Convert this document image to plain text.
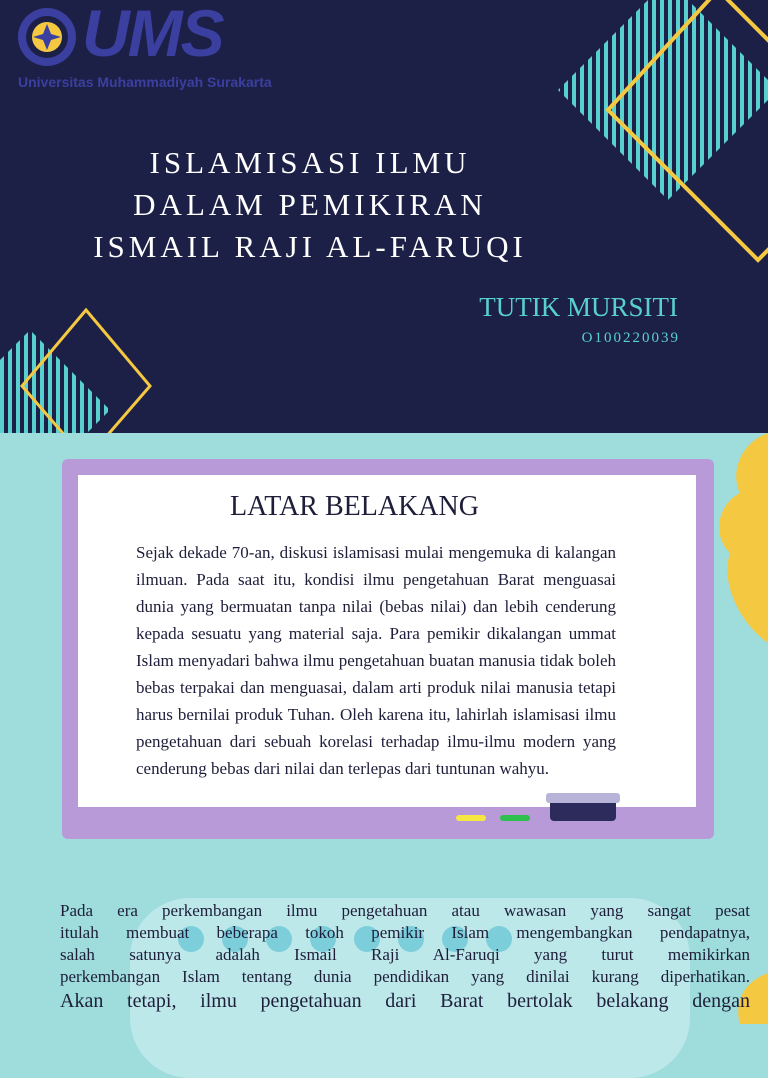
UMS
Universitas Muhammadiyah Surakarta
ISLAMISASI ILMU
DALAM PEMIKIRAN
ISMAIL RAJI AL-FARUQI
TUTIK MURSITI
O100220039
LATAR BELAKANG
Sejak dekade 70-an, diskusi islamisasi mulai mengemuka di kalangan ilmuan. Pada saat itu, kondisi ilmu pengetahuan Barat menguasai dunia yang bermuatan tanpa nilai (bebas nilai) dan lebih cenderung kepada sesuatu yang material saja. Para pemikir dikalangan ummat Islam menyadari bahwa ilmu pengetahuan buatan manusia tidak boleh bebas terpakai dan menguasai, dalam arti produk nilai manusia tetapi harus bernilai produk Tuhan. Oleh karena itu, lahirlah islamisasi ilmu pengetahuan dari sebuah korelasi terhadap ilmu-ilmu modern yang cenderung bebas dari nilai dan terlepas dari tuntunan wahyu.
Pada era perkembangan ilmu pengetahuan atau wawasan yang sangat pesat
itulah membuat beberapa tokoh pemikir Islam mengembangkan pendapatnya,
salah satunya adalah Ismail Raji Al-Faruqi yang turut memikirkan
perkembangan Islam tentang dunia pendidikan yang dinilai kurang diperhatikan.
Akan tetapi, ilmu pengetahuan dari Barat bertolak belakang dengan
